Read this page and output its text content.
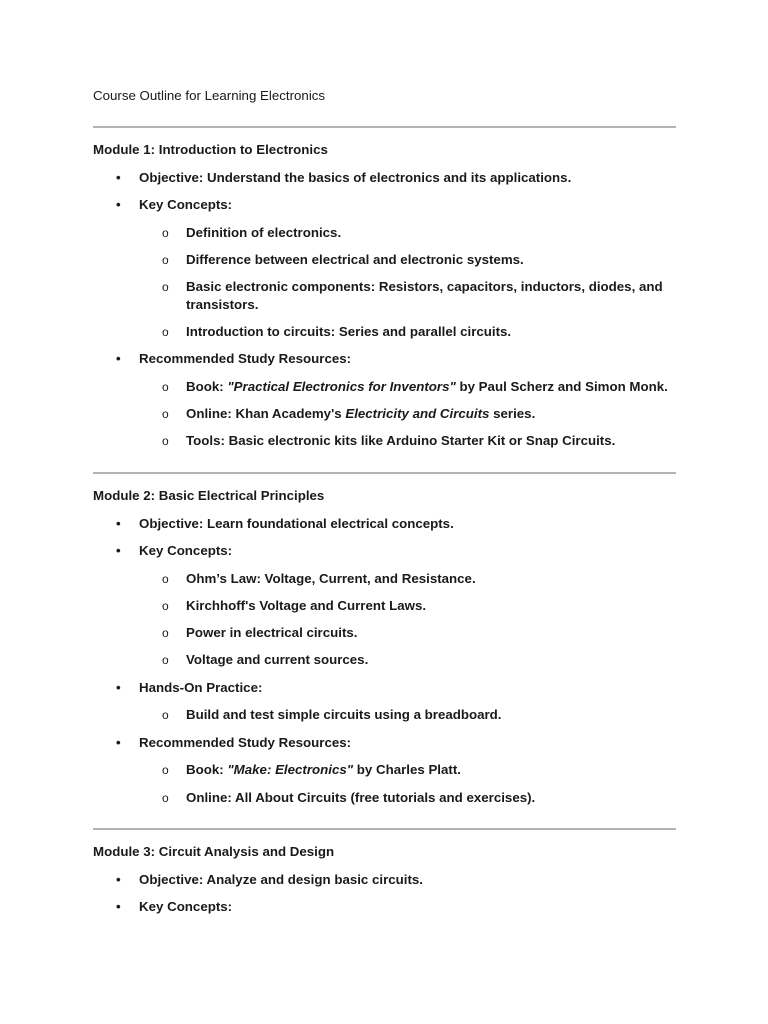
Course Outline for Learning Electronics
Module 1: Introduction to Electronics
•	Objective: Understand the basics of electronics and its applications.
•	Key Concepts:
o Definition of electronics.
o Difference between electrical and electronic systems.
o Basic electronic components: Resistors, capacitors, inductors, diodes, and transistors.
o Introduction to circuits: Series and parallel circuits.
•	Recommended Study Resources:
o Book: "Practical Electronics for Inventors" by Paul Scherz and Simon Monk.
o Online: Khan Academy's Electricity and Circuits series.
o Tools: Basic electronic kits like Arduino Starter Kit or Snap Circuits.
Module 2: Basic Electrical Principles
•	Objective: Learn foundational electrical concepts.
•	Key Concepts:
o Ohm’s Law: Voltage, Current, and Resistance.
o Kirchhoff's Voltage and Current Laws.
o Power in electrical circuits.
o Voltage and current sources.
•	Hands-On Practice:
o Build and test simple circuits using a breadboard.
•	Recommended Study Resources:
o Book: "Make: Electronics" by Charles Platt.
o Online: All About Circuits (free tutorials and exercises).
Module 3: Circuit Analysis and Design
•	Objective: Analyze and design basic circuits.
•	Key Concepts:
